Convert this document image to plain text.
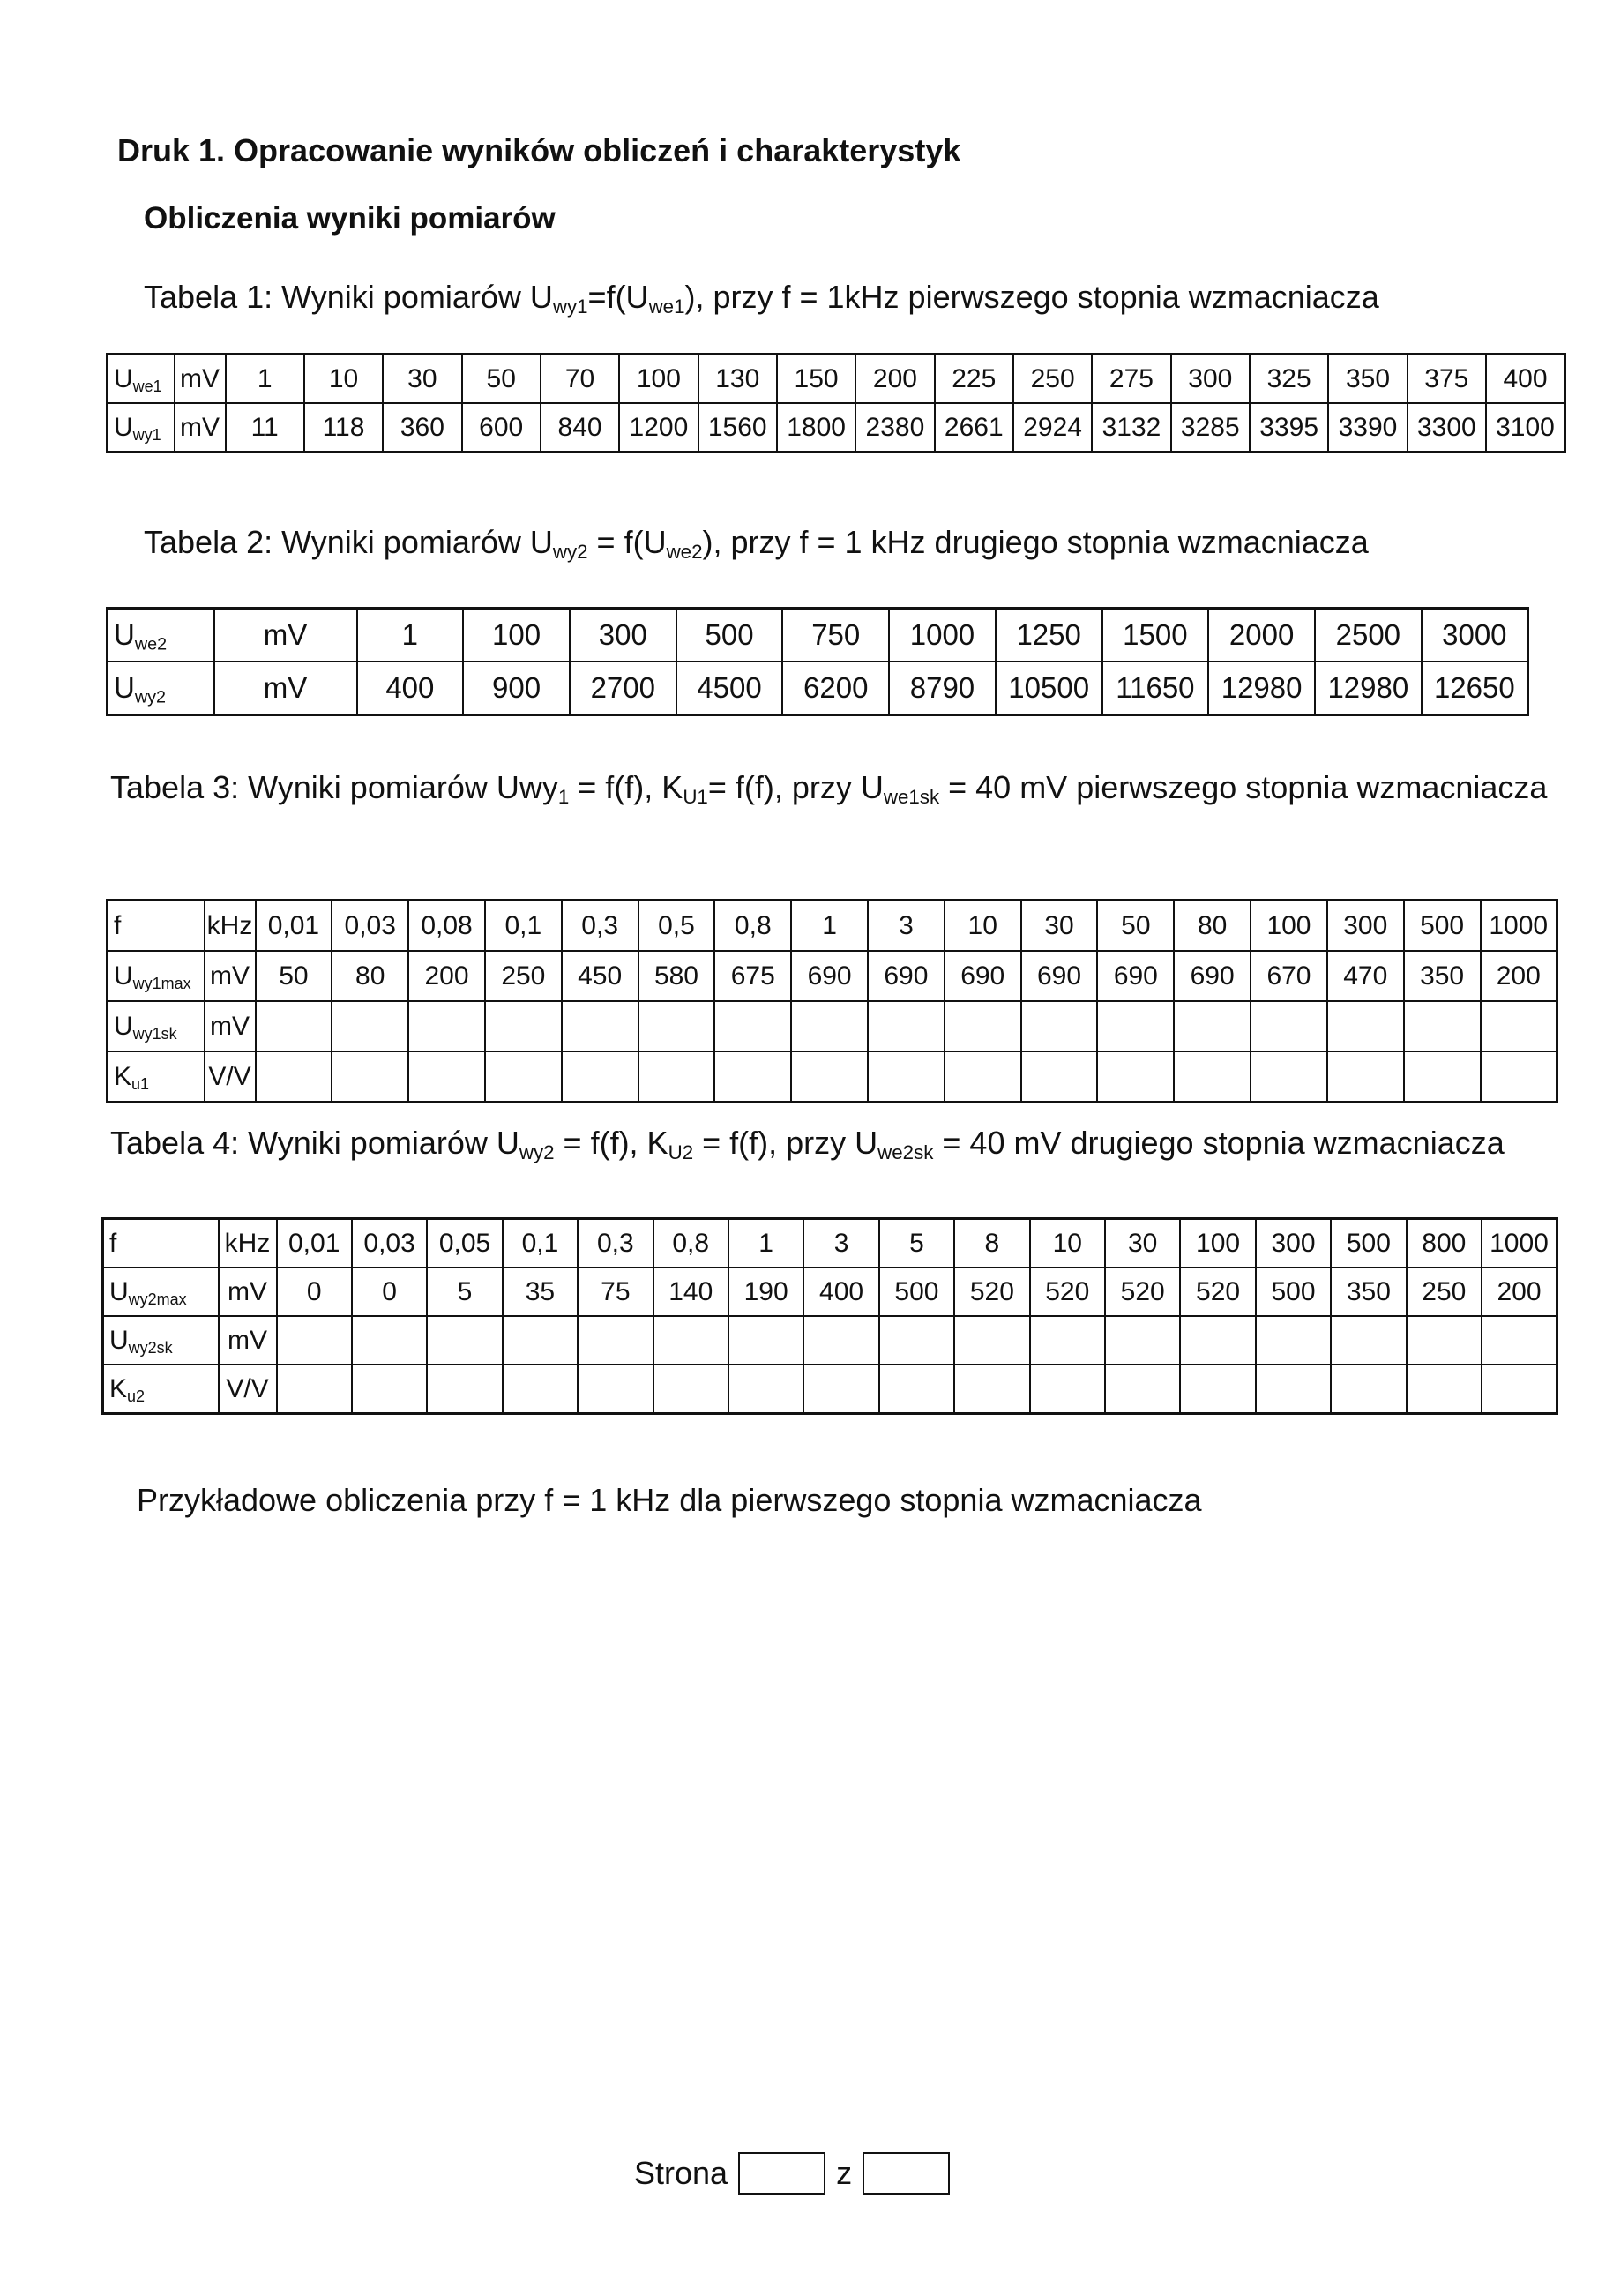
Druk 1. Opracowanie wyników obliczeń i charakterystyk
Obliczenia wyniki pomiarów
Tabela 1: Wyniki pomiarów $U_{wy1}=f(U_{we1})$, przy f = 1kHz pierwszego stopnia wzmacniacza
$U_{we1}$	mV	1	10	30	50	70	100	130	150	200	225	250	275	300	325	350	375	400
$U_{wy1}$	mV	11	118	360	600	840	1200	1560	1800	2380	2661	2924	3132	3285	3395	3390	3300	3100
Tabela 2: Wyniki pomiarów $U_{wy2} = f(U_{we2})$, przy f = 1 kHz drugiego stopnia wzmacniacza
$U_{we2}$	mV	1	100	300	500	750	1000	1250	1500	2000	2500	3000
$U_{wy2}$	mV	400	900	2700	4500	6200	8790	10500	11650	12980	12980	12650
Tabela 3: Wyniki pomiarów Uwy$_1$ = f(f), $K_{U1}= f(f)$, przy $U_{we1sk} = 40$ mV pierwszego stopnia wzmacniacza
f	kHz	0,01	0,03	0,08	0,1	0,3	0,5	0,8	1	3	10	30	50	80	100	300	500	1000
$U_{wy1max}$	mV	50	80	200	250	450	580	675	690	690	690	690	690	690	670	470	350	200
$U_{wy1sk}$	mV																	
$K_{u1}$	V/V																	
Tabela 4: Wyniki pomiarów $U_{wy2} = f(f)$, $K_{U2} = f(f)$, przy $U_{we2sk} = 40$ mV drugiego stopnia wzmacniacza
f	kHz	0,01	0,03	0,05	0,1	0,3	0,8	1	3	5	8	10	30	100	300	500	800	1000
$U_{wy2max}$	mV	0	0	5	35	75	140	190	400	500	520	520	520	520	500	350	250	200
$U_{wy2sk}$	mV																	
$K_{u2}$	V/V																	
Przykładowe obliczenia przy f = 1 kHz dla pierwszego stopnia wzmacniacza
Strona	z
